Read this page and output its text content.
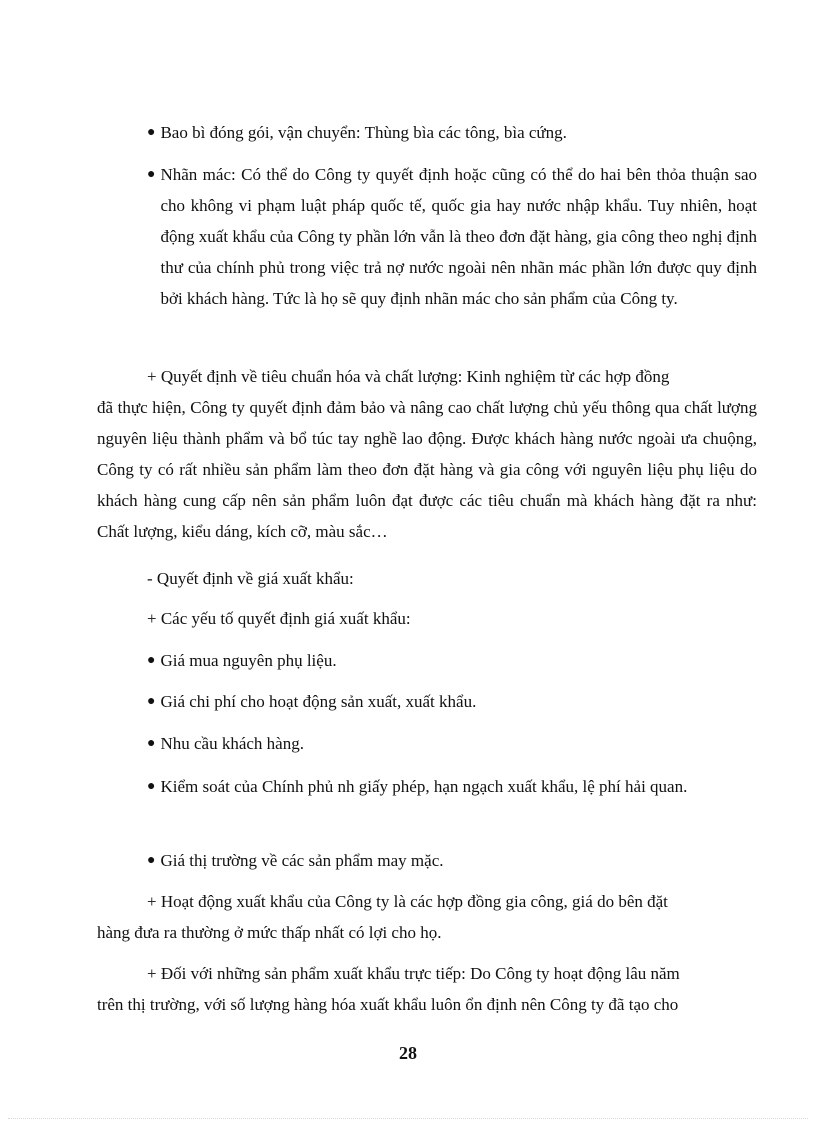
● Bao bì đóng gói, vận chuyển: Thùng bìa các tông, bìa cứng.
● Nhãn mác: Có thể do Công ty quyết định hoặc cũng có thể do hai bên thỏa thuận sao cho không vi phạm luật pháp quốc tế, quốc gia hay nước nhập khẩu. Tuy nhiên, hoạt động xuất khẩu của Công ty phần lớn vẫn là theo đơn đặt hàng, gia công theo nghị định thư của chính phủ trong việc trả nợ nước ngoài nên nhãn mác phần lớn được quy định bởi khách hàng. Tức là họ sẽ quy định nhãn mác cho sản phẩm của Công ty.
+ Quyết định về tiêu chuẩn hóa và chất lượng: Kinh nghiệm từ các hợp đồng
đã thực hiện, Công ty quyết định đảm bảo và nâng cao chất lượng chủ yếu thông qua chất lượng nguyên liệu thành phẩm và bổ túc tay nghề lao động. Được khách hàng nước ngoài ưa chuộng, Công ty có rất nhiều sản phẩm làm theo đơn đặt hàng và gia công với nguyên liệu phụ liệu do khách hàng cung cấp nên sản phẩm luôn đạt được các tiêu chuẩn mà khách hàng đặt ra như: Chất lượng, kiểu dáng, kích cỡ, màu sắc…
- Quyết định về giá xuất khẩu:
+ Các yếu tố quyết định giá xuất khẩu:
● Giá mua nguyên phụ liệu.
● Giá chi phí cho hoạt động sản xuất, xuất khẩu.
● Nhu cầu khách hàng.
● Kiểm soát của Chính phủ nh giấy phép, hạn ngạch xuất khẩu, lệ phí hải quan.
● Giá thị trường về các sản phẩm may mặc.
+ Hoạt động xuất khẩu của Công ty là các hợp đồng gia công, giá do bên đặt
hàng đưa ra thường ở mức thấp nhất có lợi cho họ.
+ Đối với những sản phẩm xuất khẩu trực tiếp: Do Công ty hoạt động lâu năm
trên thị trường, với số lượng hàng hóa xuất khẩu luôn ổn định nên Công ty đã tạo cho
28
